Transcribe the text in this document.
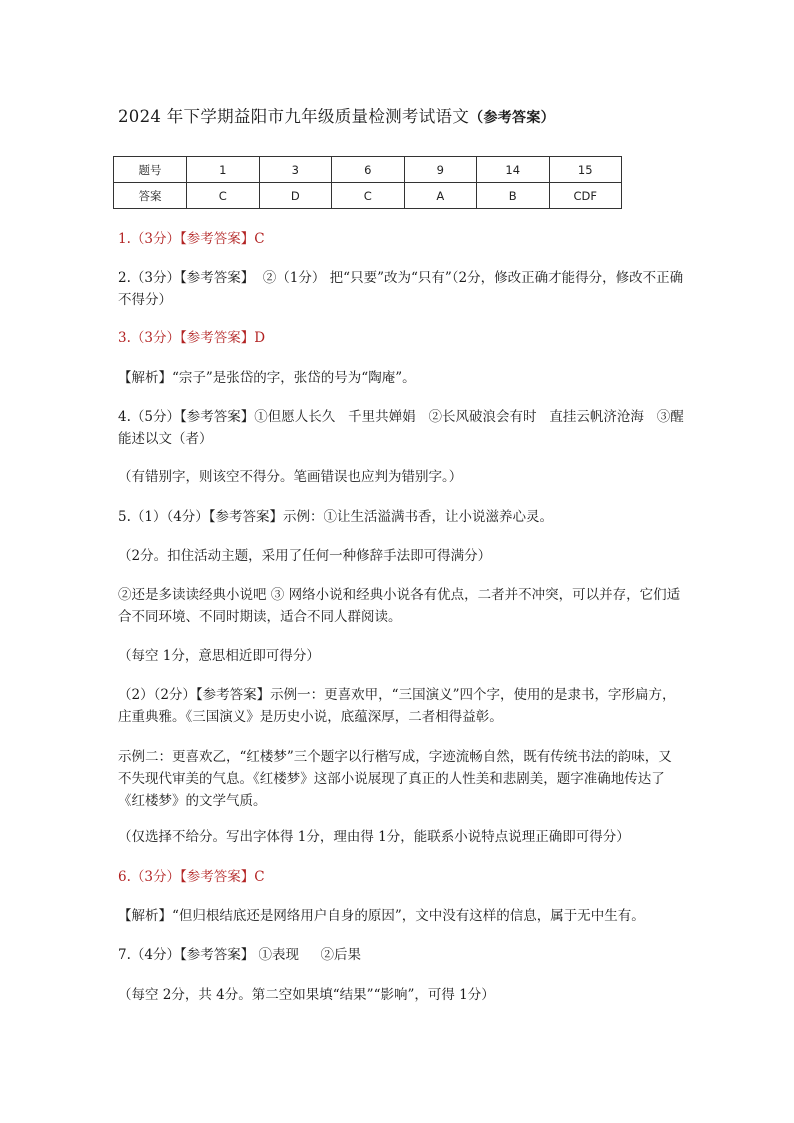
2024 年下学期益阳市九年级质量检测考试语文（参考答案）
题号	1	3	6	9	14	15
答案	C	D	C	A	B	CDF
1.（3分）【参考答案】C
2.（3分）【参考答案】  ②（1分） 把“只要”改为“只有”（2分，修改正确才能得分，修改不正确不得分）
3.（3分）【参考答案】D
【解析】“宗子”是张岱的字，张岱的号为“陶庵”。
4.（5分）【参考答案】①但愿人长久   千里共婵娟   ②长风破浪会有时   直挂云帆济沧海   ③醒能述以文（者）
（有错别字，则该空不得分。笔画错误也应判为错别字。）
5.（1）（4分）【参考答案】示例：①让生活溢满书香，让小说滋养心灵。
（2分。扣住活动主题，采用了任何一种修辞手法即可得满分）
②还是多读读经典小说吧 ③ 网络小说和经典小说各有优点，二者并不冲突，可以并存，它们适合不同环境、不同时期读，适合不同人群阅读。
（每空 1分，意思相近即可得分）
（2）（2分）【参考答案】示例一：更喜欢甲，“三国演义”四个字，使用的是隶书，字形扁方，庄重典雅。《三国演义》是历史小说，底蕴深厚，二者相得益彰。
示例二：更喜欢乙，“红楼梦”三个题字以行楷写成，字迹流畅自然，既有传统书法的韵味，又不失现代审美的气息。《红楼梦》这部小说展现了真正的人性美和悲剧美，题字准确地传达了《红楼梦》的文学气质。
（仅选择不给分。写出字体得 1分，理由得 1分，能联系小说特点说理正确即可得分）
6.（3分）【参考答案】C
【解析】“但归根结底还是网络用户自身的原因”，文中没有这样的信息，属于无中生有。
7.（4分）【参考答案】 ①表现     ②后果
（每空 2分，共 4分。第二空如果填“结果”“影响”，可得 1分）
